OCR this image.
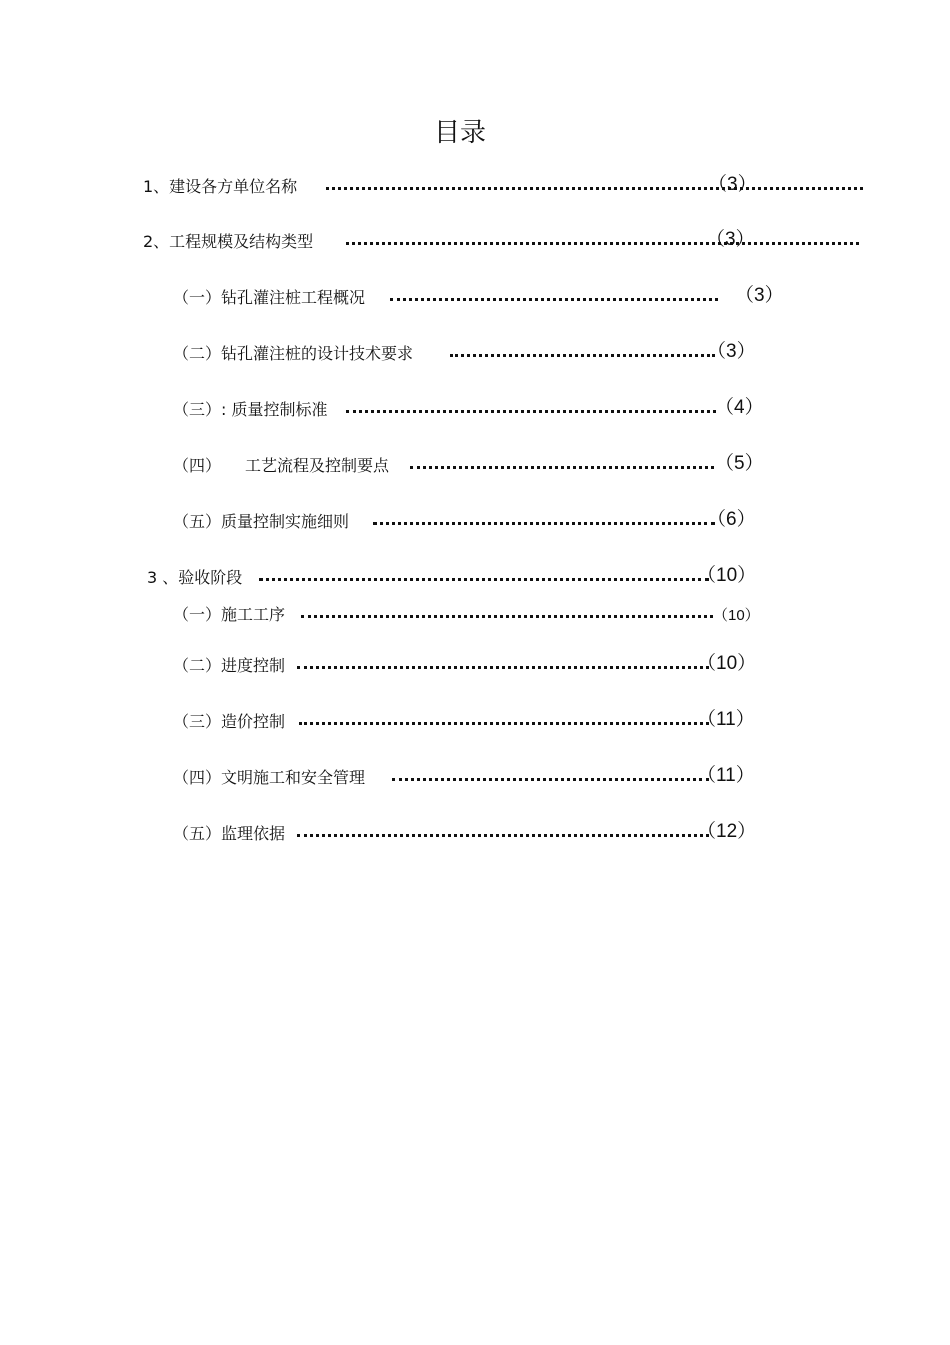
目录
1、建设各方单位名称	（3）
2、工程规模及结构类型	（3）
（一）钻孔灌注桩工程概况	（3）
（二）钻孔灌注桩的设计技术要求	（3）
（三）: 质量控制标准	（4）
（四）　　工艺流程及控制要点	（5）
（五）质量控制实施细则	（6）
3 、验收阶段	（10）
（一）施工工序	（10）
（二）进度控制	（10）
（三）造价控制	（11）
（四）文明施工和安全管理	（11）
（五）监理依据	（12）
